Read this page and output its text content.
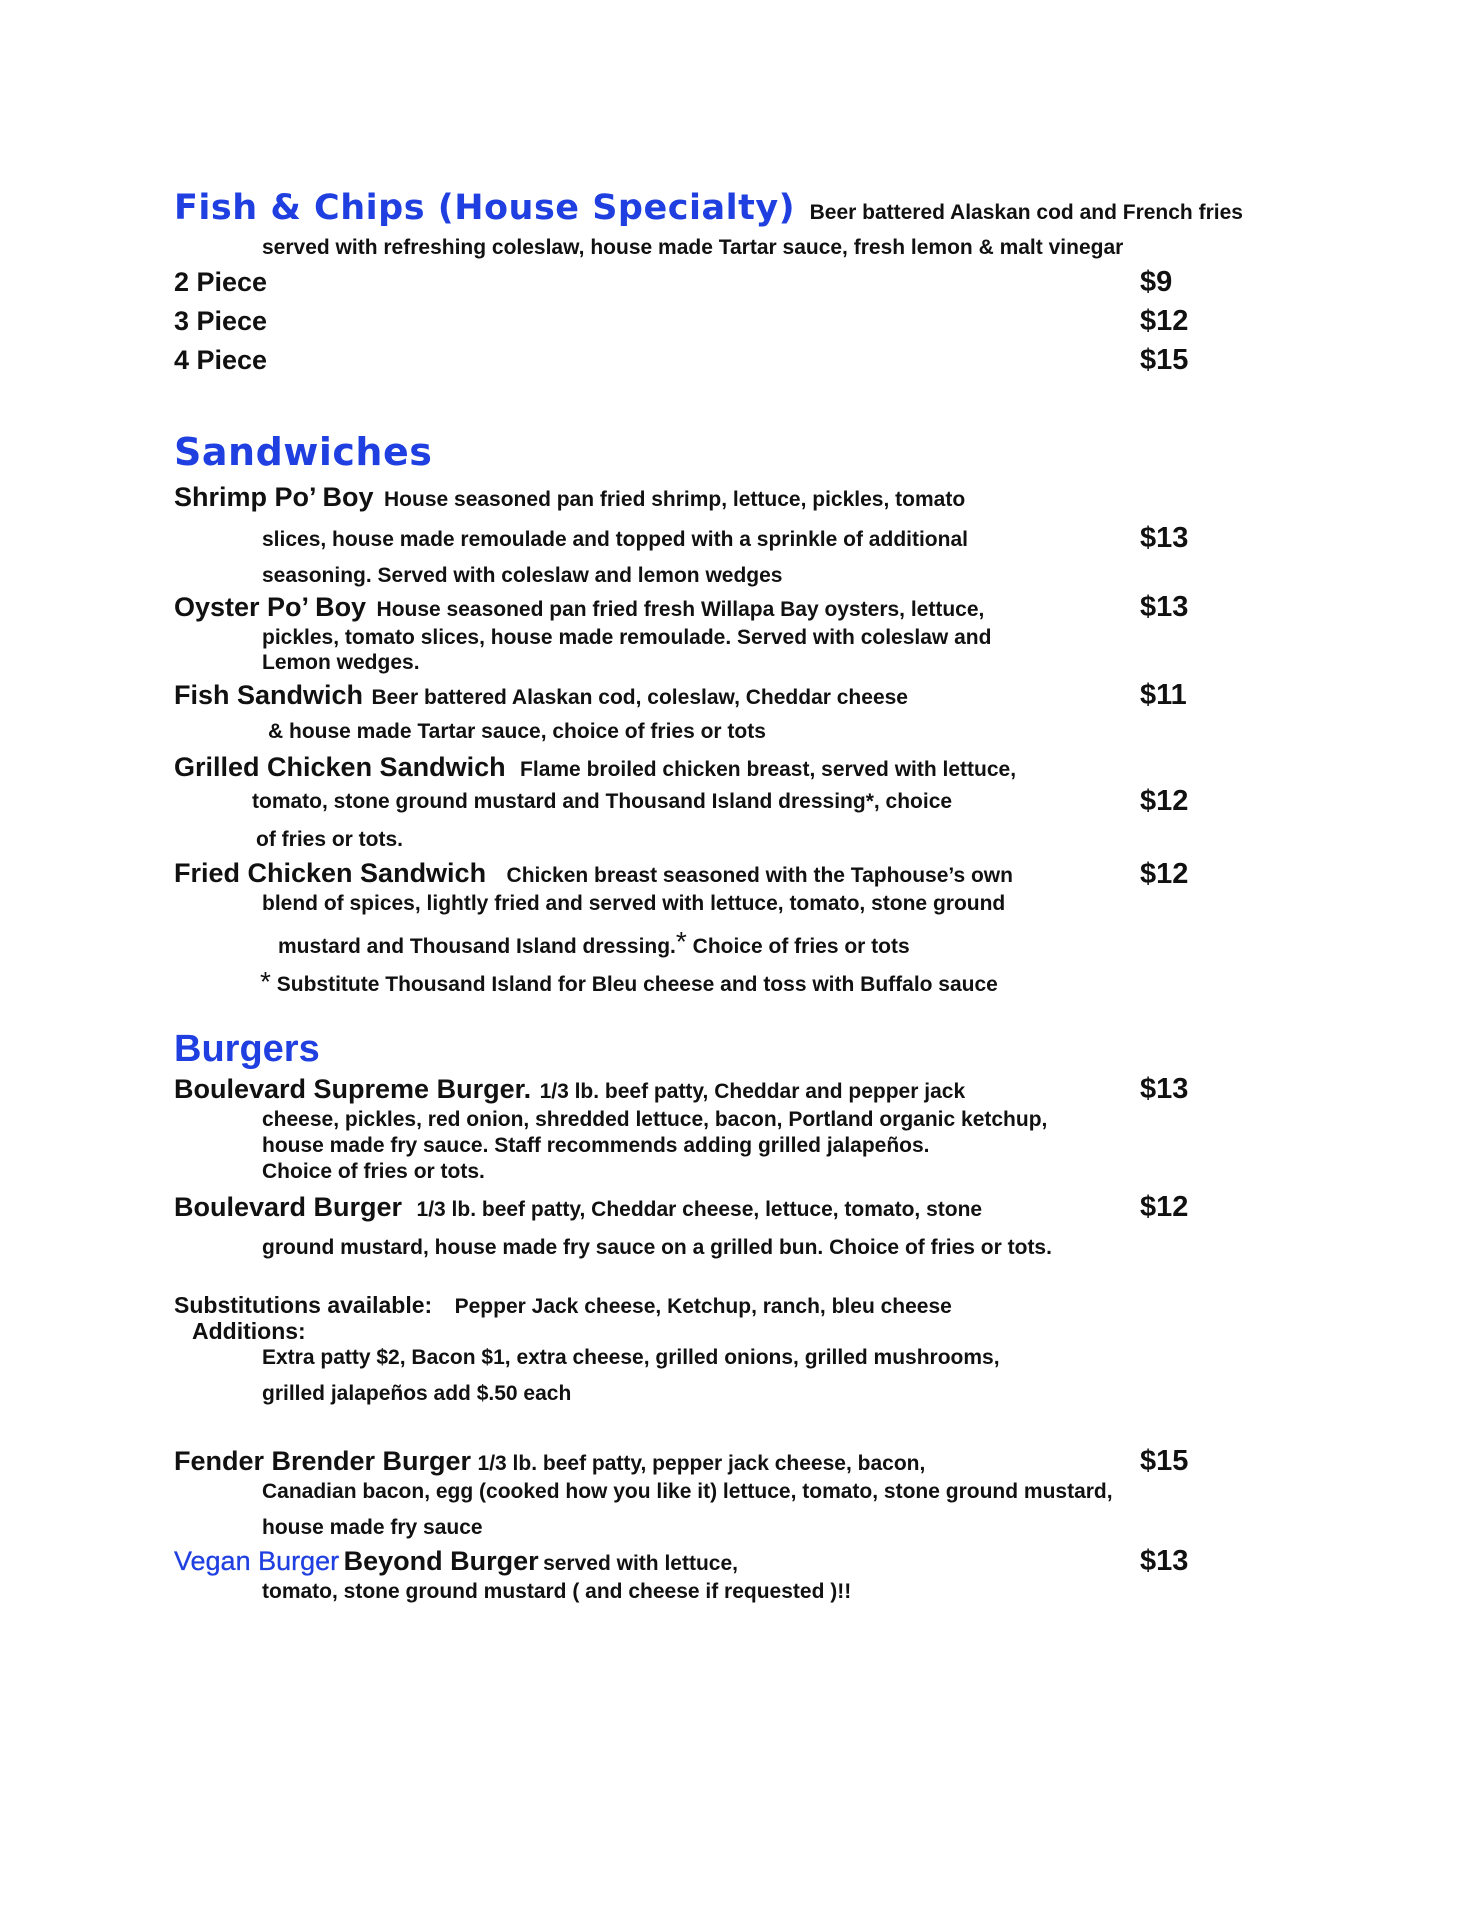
Fish & Chips (House Specialty) Beer battered Alaskan cod and French fries
served with refreshing coleslaw, house made Tartar sauce, fresh lemon & malt vinegar
2 Piece	$9
3 Piece	$12
4 Piece	$15
Sandwiches
Shrimp Po’ Boy House seasoned pan fried shrimp, lettuce, pickles, tomato
slices, house made remoulade and topped with a sprinkle of additional	$13
seasoning. Served with coleslaw and lemon wedges
Oyster Po’ Boy House seasoned pan fried fresh Willapa Bay oysters, lettuce,	$13
pickles, tomato slices, house made remoulade. Served with coleslaw and
Lemon wedges.
Fish Sandwich Beer battered Alaskan cod, coleslaw, Cheddar cheese	$11
& house made Tartar sauce, choice of fries or tots
Grilled Chicken Sandwich Flame broiled chicken breast, served with lettuce,
tomato, stone ground mustard and Thousand Island dressing*, choice	$12
of fries or tots.
Fried Chicken Sandwich Chicken breast seasoned with the Taphouse’s own	$12
blend of spices, lightly fried and served with lettuce, tomato, stone ground
mustard and Thousand Island dressing.* Choice of fries or tots
* Substitute Thousand Island for Bleu cheese and toss with Buffalo sauce
Burgers
Boulevard Supreme Burger. 1/3 lb. beef patty, Cheddar and pepper jack	$13
cheese, pickles, red onion, shredded lettuce, bacon, Portland organic ketchup,
house made fry sauce. Staff recommends adding grilled jalapeños.
Choice of fries or tots.
Boulevard Burger 1/3 lb. beef patty, Cheddar cheese, lettuce, tomato, stone	$12
ground mustard, house made fry sauce on a grilled bun. Choice of fries or tots.
Substitutions available: Pepper Jack cheese, Ketchup, ranch, bleu cheese
Additions:
Extra patty $2, Bacon $1, extra cheese, grilled onions, grilled mushrooms,
grilled jalapeños add $.50 each
Fender Brender Burger 1/3 lb. beef patty, pepper jack cheese, bacon,	$15
Canadian bacon, egg (cooked how you like it) lettuce, tomato, stone ground mustard,
house made fry sauce
Vegan Burger Beyond Burger served with lettuce,	$13
tomato, stone ground mustard ( and cheese if requested )!!
